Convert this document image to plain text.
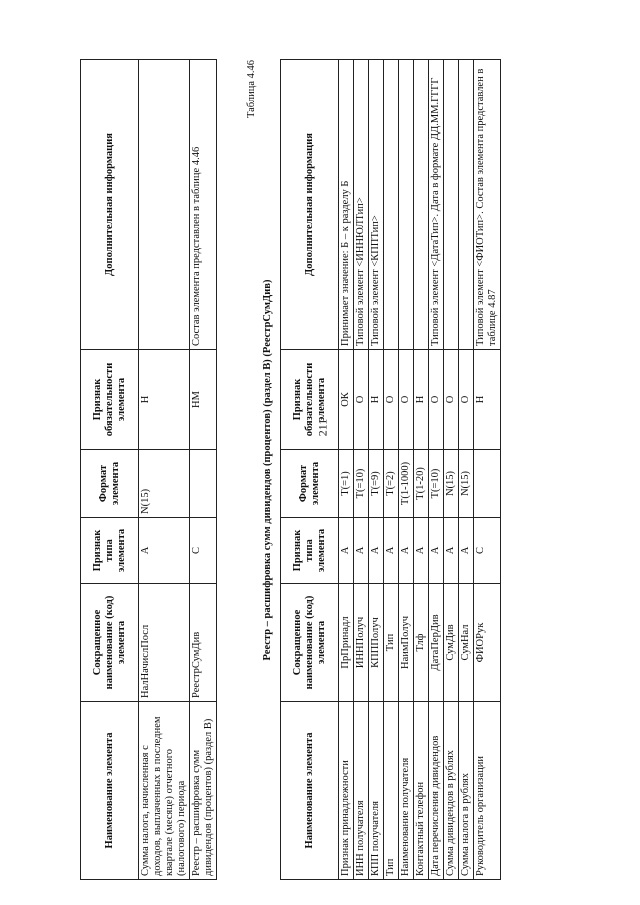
211
Наименование элемента	Сокращенное наименование (код) элемента	Признак типа элемента	Формат элемента	Признак обязательности элемента	Дополнительная информация
Сумма налога, начисленная с доходов, выплаченных в последнем квартале (месяце) отчетного (налогового) периода	НалНачислПосл	А	N(15)	Н	
Реестр – расшифровка сумм дивидендов (процентов) (раздел В)	РеестрСумДив	С		НМ	Состав элемента представлен в таблице 4.46
Таблица 4.46
Реестр – расшифровка сумм дивидендов (процентов) (раздел В) (РеестрСумДив)
Наименование элемента	Сокращенное наименование (код) элемента	Признак типа элемента	Формат элемента	Признак обязательности элемента	Дополнительная информация
Признак принадлежности	ПрПринадл	А	Т(=1)	ОК	Принимает значение: Б – к разделу Б
ИНН получателя	ИННПолуч	А	Т(=10)	О	Типовой элемент <ИННЮЛТип>
КПП получателя	КПППолуч	А	Т(=9)	Н	Типовой элемент <КППТип>
Тип	Тип	А	Т(=2)	О	
Наименование получателя	НаимПолуч	А	Т(1-1000)	О	
Контактный телефон	Тлф	А	Т(1-20)	Н	
Дата перечисления дивидендов	ДатаПерДив	А	Т(=10)	О	Типовой элемент <ДатаТип>. Дата в формате ДД.ММ.ГГГГ
Сумма дивидендов в рублях	СумДив	А	N(15)	О	
Сумма налога в рублях	СумНал	А	N(15)	О	
Руководитель организации	ФИОРук	С		Н	Типовой элемент <ФИОТип>. Состав элемента представлен в таблице 4.87
